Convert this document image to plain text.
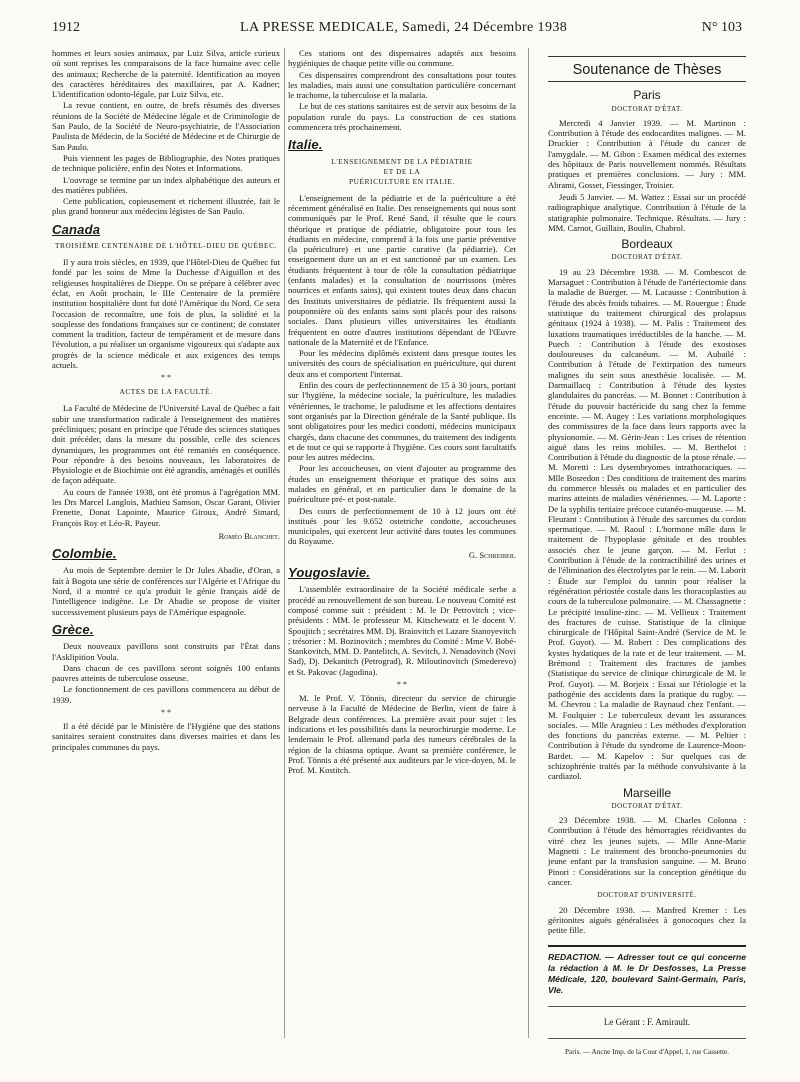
1912	LA PRESSE MEDICALE, Samedi, 24 Décembre 1938	N° 103

hommes et leurs sosies animaux, par Luiz Silva, article curieux où sont reprises les comparaisons de la face humaine avec celle des animaux; Recherche de la paternité. Identification au moyen des caractères héréditaires des maxillaires, par A. Kadner; L'identification odonto-légale, par Luiz Silva, etc.

La revue contient, en outre, de brefs résumés des diverses réunions de la Société de Médecine légale et de Criminologie de San Paulo, de la Société de Neuro-psychiatrie, de l'Association Paulista de Médecin, de la Société de Médecine et de Chirurgie de San Paulo.

Puis viennent les pages de Bibliographie, des Notes pratiques de technique policière, enfin des Notes et Informations.

L'ouvrage se termine par un index alphabétique des auteurs et des matières publiées.

Cette publication, copieusement et richement illustrée, fait le plus grand honneur aux médecins légistes de San Paulo.

Canada
TROISIÈME CENTENAIRE DE L'HÔTEL-DIEU DE QUÉBEC.

Il y aura trois siècles, en 1939, que l'Hôtel-Dieu de Québec fut fondé par les soins de Mme la Duchesse d'Aiguillon et des religieuses hospitalières de Dieppe. On se prépare à célébrer avec éclat, en Août prochain, le IIIe Centenaire de la première institution hospitalière dont fut doté l'Amérique du Nord. Ce sera l'occasion de reconnaître, une fois de plus, la solidité et la souplesse des fondations françaises sur ce continent; de constater comment la tradition, facteur de tempérament et de mesure dans l'évolution, a pu réaliser un organisme vigoureux qui s'adapte aux progrès de la science médicale et aux exigences des temps actuels.

* *
ACTES DE LA FACULTÉ.

La Faculté de Médecine de l'Université Laval de Québec a fait subir une transformation radicale à l'enseignement des matières précliniques; posant en principe que l'étude des sciences statiques doit précéder, dans la mesure du possible, celle des sciences dynamiques, les programmes ont été remaniés en conséquence. Pour répondre à des besoins nouveaux, les laboratoires de Physiologie et de Biochimie ont été agrandis, aménagés et outillés de façon adéquate.

Au cours de l'année 1938, ont été promus à l'agrégation MM. les Drs Marcel Langlois, Mathieu Samson, Oscar Garant, Olivier Frenette, Donat Lapointe, Maurice Giroux, André Simard, François Roy et Léo-R. Payeur.

Roméo Blanchet.
Colombie.

Au mois de Septembre dernier le Dr Jules Abadie, d'Oran, a fait à Bogota une série de conférences sur l'Algérie et l'Afrique du Nord, il a montré ce qu'a produit le génie français aidé de l'intelligence indigène. Le Dr Abadie se propose de visiter successivement plusieurs pays de l'Amérique espagnole.

Grèce.

Deux nouveaux pavillons sont construits par l'État dans l'Asklipition Voula.

Dans chacun de ces pavillons seront soignés 100 enfants pauvres atteints de tuberculose osseuse.

Le fonctionnement de ces pavillons commencera au début de 1939.

* *

Il a été décidé par le Ministère de l'Hygiène que des stations sanitaires seraient construites dans diverses mairies et dans les principales communes du pays.

Ces stations ont des dispensaires adaptés aux besoins hygiéniques de chaque petite ville ou commune.

Ces dispensaires comprendront des consultations pour toutes les maladies, mais aussi une consultation particulière concernant le trachome, la tuberculose et la malaria.

Le but de ces stations sanitaires est de servir aux besoins de la population rurale du pays. La construction de ces stations commencera très prochainement.

Italie.
L'ENSEIGNEMENT DE LA PÉDIATRIE
ET DE LA
PUÉRICULTURE EN ITALIE.

L'enseignement de la pédiatrie et de la puériculture a été récemment généralisé en Italie. Des renseignements qui nous sont communiqués par le Prof. René Sand, il résulte que le cours théorique et pratique de pédiatrie, obligatoire pour tous les étudiants en médecine, comprend à la fois une partie préventive (la puériculture) et une partie curative (la pédiatrie). Cet enseignement dure un an et est sanctionné par un examen. Les étudiants fréquentent à tour de rôle la consultation pédiatrique (enfants malades) et la consultation de nourrissons (mères nourrices et enfants sains), qui existent toutes deux dans chacun des Instituts universitaires de pédiatrie. Ils fréquentent aussi la pouponnière où des enfants sains sont placés pour des raisons sociales. Dans plusieurs villes universitaires les étudiants fréquentent en outre d'autres institutions dépendant de l'Œuvre nationale de la Maternité et de l'Enfance.

Pour les médecins diplômés existent dans presque toutes les universités des cours de spécialisation en puériculture, qui durent deux ans et comportent l'internat.

Enfin des cours de perfectionnement de 15 à 30 jours, portant sur l'hygiène, la médecine sociale, la puériculture, les maladies vénériennes, le trachome, le paludisme et les affections dentaires sont organisés par la Direction générale de la Santé publique. Ils sont obligatoires pour les medici condotti, médecins municipaux chargés, dans chacune des communes, du traitement des indigents et de tout ce qui se rapporte à l'hygiène. Ces cours sont facultatifs pour les autres médecins.

Pour les accoucheuses, on vient d'ajouter au programme des études un enseignement théorique et pratique des soins aux malades en général, et en particulier dans le domaine de la puériculture pré- et post-natale.

Des cours de perfectionnement de 10 à 12 jours ont été institués pour les 9.652 ostetriche condotte, accoucheuses municipales, qui exercent leur activité dans toutes les communes du Royaume.

G. Schreiber.
Yougoslavie.

L'assemblée extraordinaire de la Société médicale serbe a procédé au renouvellement de son bureau. Le nouveau Comité est composé comme suit : président : M. le Dr Petrovitch ; vice-présidents : MM. le professeur M. Kitschewatz et le docent V. Spoujitch ; secrétaires MM. Dj. Braiovitch et Lazare Stanoyevitch ; trésorier : M. Bozinovitch ; membres du Comité : Mme V. Bobé-Stankovitch, MM. D. Pantelitch, A. Sevitch, J. Nenadovitch (Novi Sad), Dj. Dekanitch (Petrograd), R. Miloutinovitch (Smederevo) et St. Pakovac (Jagodina).

* *

M. le Prof. V. Tönnis, directeur du service de chirurgie nerveuse à la Faculté de Médecine de Berlin, vient de faire à Belgrade deux conférences. La première avait pour sujet : les indications et les possibilités dans la neurochirurgie moderne. Le lendemain le Prof. allemand parla des tumeurs cérébrales de la région de la chiasma optique. Avant sa première conférence, le Prof. Tönnis a été présenté aux auditeurs par le vice-doyen, M. le Prof. M. Kostitch.

Soutenance de Thèses
Paris
DOCTORAT D'ÉTAT.

Mercredi 4 Janvier 1939. — M. Martinon : Contribution à l'étude des endocardites malignes. — M. Druckier : Contribution à l'étude du cancer de l'amygdale. — M. Gibon : Examen médical des externes des hôpitaux de Paris nouvellement nommés. Résultats pratiques et premières conclusions. — Jury : MM. Abrami, Gosset, Fiessinger, Troisier.

Jeudi 5 Janvier. — M. Wattez : Essai sur un procédé radiographique analytique. Contribution à l'étude de la statigraphie pulmonaire. Technique. Résultats. — Jury : MM. Carnot, Guillain, Boulin, Chabrol.

Bordeaux
DOCTORAT D'ÉTAT.

19 au 23 Décembre 1938. — M. Combescot de Marsaguet : Contribution à l'étude de l'artériectomie dans la maladie de Buerger. — M. Lacausse : Contribution à l'étude des abcès froids tubaires. — M. Rouergue : Étude statistique du traitement chirurgical des prolapsus génitaux (1924 à 1938). — M. Palis : Traitement des luxations traumatiques irréductibles de la hanche. — M. Puech : Contribution à l'étude des exostoses douloureuses du calcanéum. — M. Aubailé : Contribution à l'étude de l'extirpation des tumeurs malignes du sein sous anesthésie localisée. — M. Darmaillacq : Contribution à l'étude des kystes glandulaires du pancréas. — M. Bonnet : Contribution à l'étude du pouvoir bactéricide du sang chez la femme enceinte. — M. Augey : Les variations morphologiques des commissures de la face dans leurs rapports avec la physionomie. — M. Gérin-Jean : Les crises de rétention aiguë dans les reins mobiles. — M. Berthelot : Contribution à l'étude du diagnostic de la ptose rénale. — M. Moretti : Les dysembryomes intrathoraciques. — Mlle Bosredon : Des conditions de traitement des marins du commerce blessés ou malades et en particulier des marins atteints de maladies vénériennes. — M. Laporte : De la syphilis tertiaire précoce cutanéo-muqueuse. — M. Fleurant : Contribution à l'étude des sarcomes du cordon spermatique. — M. Raoul : L'hormone mâle dans le traitement de l'hypoplasie génitale et des troubles associés chez le jeune garçon. — M. Ferlut : Contribution à l'étude de la contractibilité des urines et de l'élimination des électrolytes par le rein. — M. Laborit : Étude sur l'emploi du tannin pour réaliser la régénération périostée costale dans les thoracoplasties au cours de la tuberculose pulmonaire. — M. Chassagnette : Le précipité insuline-zinc. — M. Vellieux : Traitement des fractures de cuisse. Statistique de la clinique chirurgicale de l'Hôpital Saint-André (Service de M. le Prof. Guyot). — M. Robert : Des complications des kystes hydatiques de la rate et de leur traitement. — M. Brémond : Traitement des fractures de jambes (Statistique du service de clinique chirurgicale de M. le Prof. Guyot). — M. Borjeix : Essai sur l'étiologie et la pathogénie des accidents dans la pratique du rugby. — M. Chevrou : La maladie de Raynaud chez l'enfant. — M. Foulquier : Le tuberculeux devant les assurances sociales. — Mlle Aragnieu : Les méthodes d'exploration des fonctions du pancréas externe. — M. Peltier : Contribution à l'étude du syndrome de Laurence-Moon-Bardet. — M. Kapelov : Sur quelques cas de schizophrénie traités par la méthode convulsivante à la cardiazol.

Marseille
DOCTORAT D'ÉTAT.

23 Décembre 1938. — M. Charles Colonna : Contribution à l'étude des hémorragies récidivantes du vitré chez les jeunes sujets. — Mlle Anne-Marie Magnetti : Le traitement des broncho-pneumonies du jeune enfant par la transfusion sanguine. — M. Bruno Pinori : Considérations sur la conception génétique du cancer.

DOCTORAT D'UNIVERSITÉ.

20 Décembre 1938. — Manfred Kremer : Les géritonites aiguës généralisées à gonocoques chez la petite fille.

REDACTION. — Adresser tout ce qui concerne la rédaction à M. le Dr Desfosses, La Presse Médicale, 120, boulevard Saint-Germain, Paris, VIe.
Le Gérant : F. Amirault.
Paris. — Ancne Imp. de la Cour d'Appel, 1, rue Cassette.
